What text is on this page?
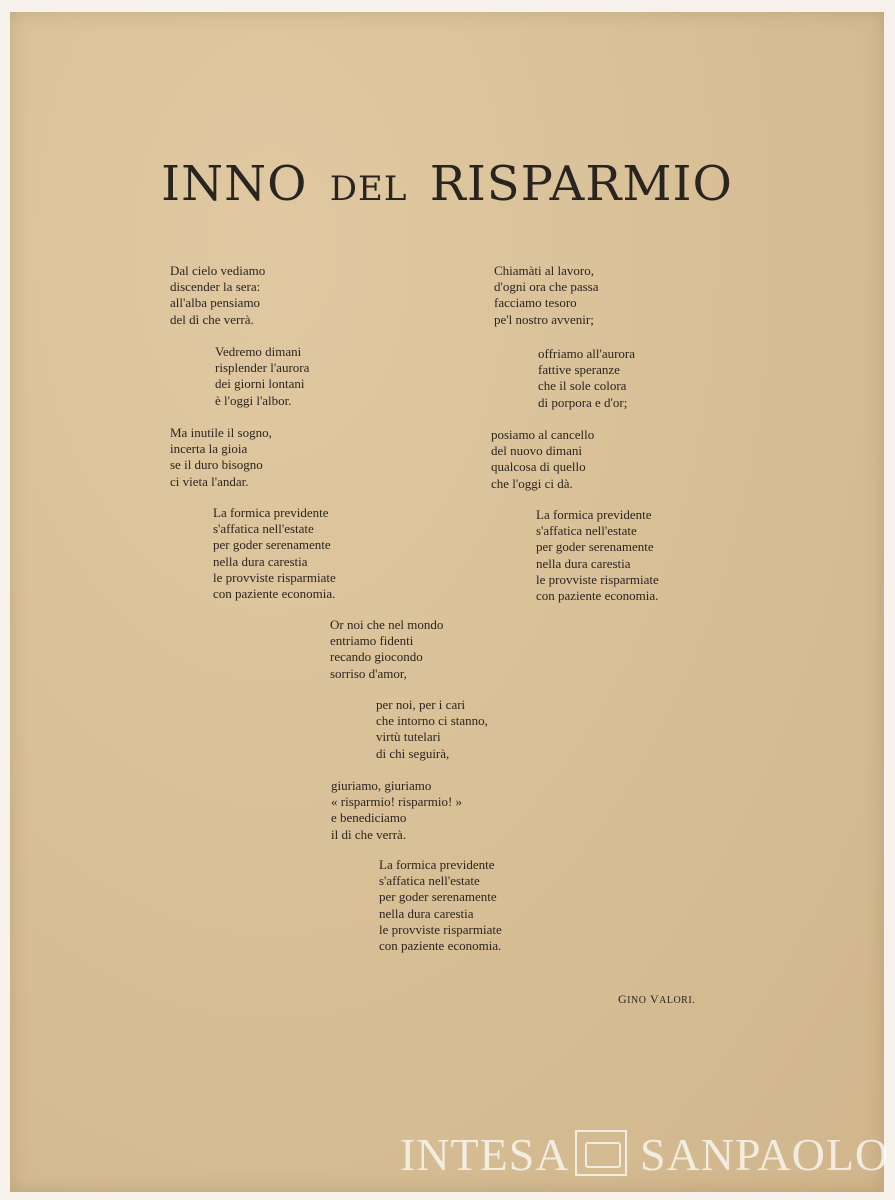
INNO DEL RISPARMIO
Dal cielo vediamo
discender la sera:
all'alba pensiamo
del dì che verrà.
Vedremo dimani
risplender l'aurora
dei giorni lontani
è l'oggi l'albor.
Ma inutile il sogno,
incerta la gioia
se il duro bisogno
ci vieta l'andar.
La formica previdente
s'affatica nell'estate
per goder serenamente
nella dura carestia
le provviste risparmiate
con paziente economia.
Chiamàti al lavoro,
d'ogni ora che passa
facciamo tesoro
pe'l nostro avvenir;
offriamo all'aurora
fattive speranze
che il sole colora
di porpora e d'or;
posiamo al cancello
del nuovo dimani
qualcosa di quello
che l'oggi ci dà.
La formica previdente
s'affatica nell'estate
per goder serenamente
nella dura carestia
le provviste risparmiate
con paziente economia.
Or noi che nel mondo
entriamo fidenti
recando giocondo
sorriso d'amor,
per noi, per i cari
che intorno ci stanno,
virtù tutelari
di chi seguirà,
giuriamo, giuriamo
« risparmio! risparmio! »
e benediciamo
il dì che verrà.
La formica previdente
s'affatica nell'estate
per goder serenamente
nella dura carestia
le provviste risparmiate
con paziente economia.
GINO VALORI.
INTESA SANPAOLO
